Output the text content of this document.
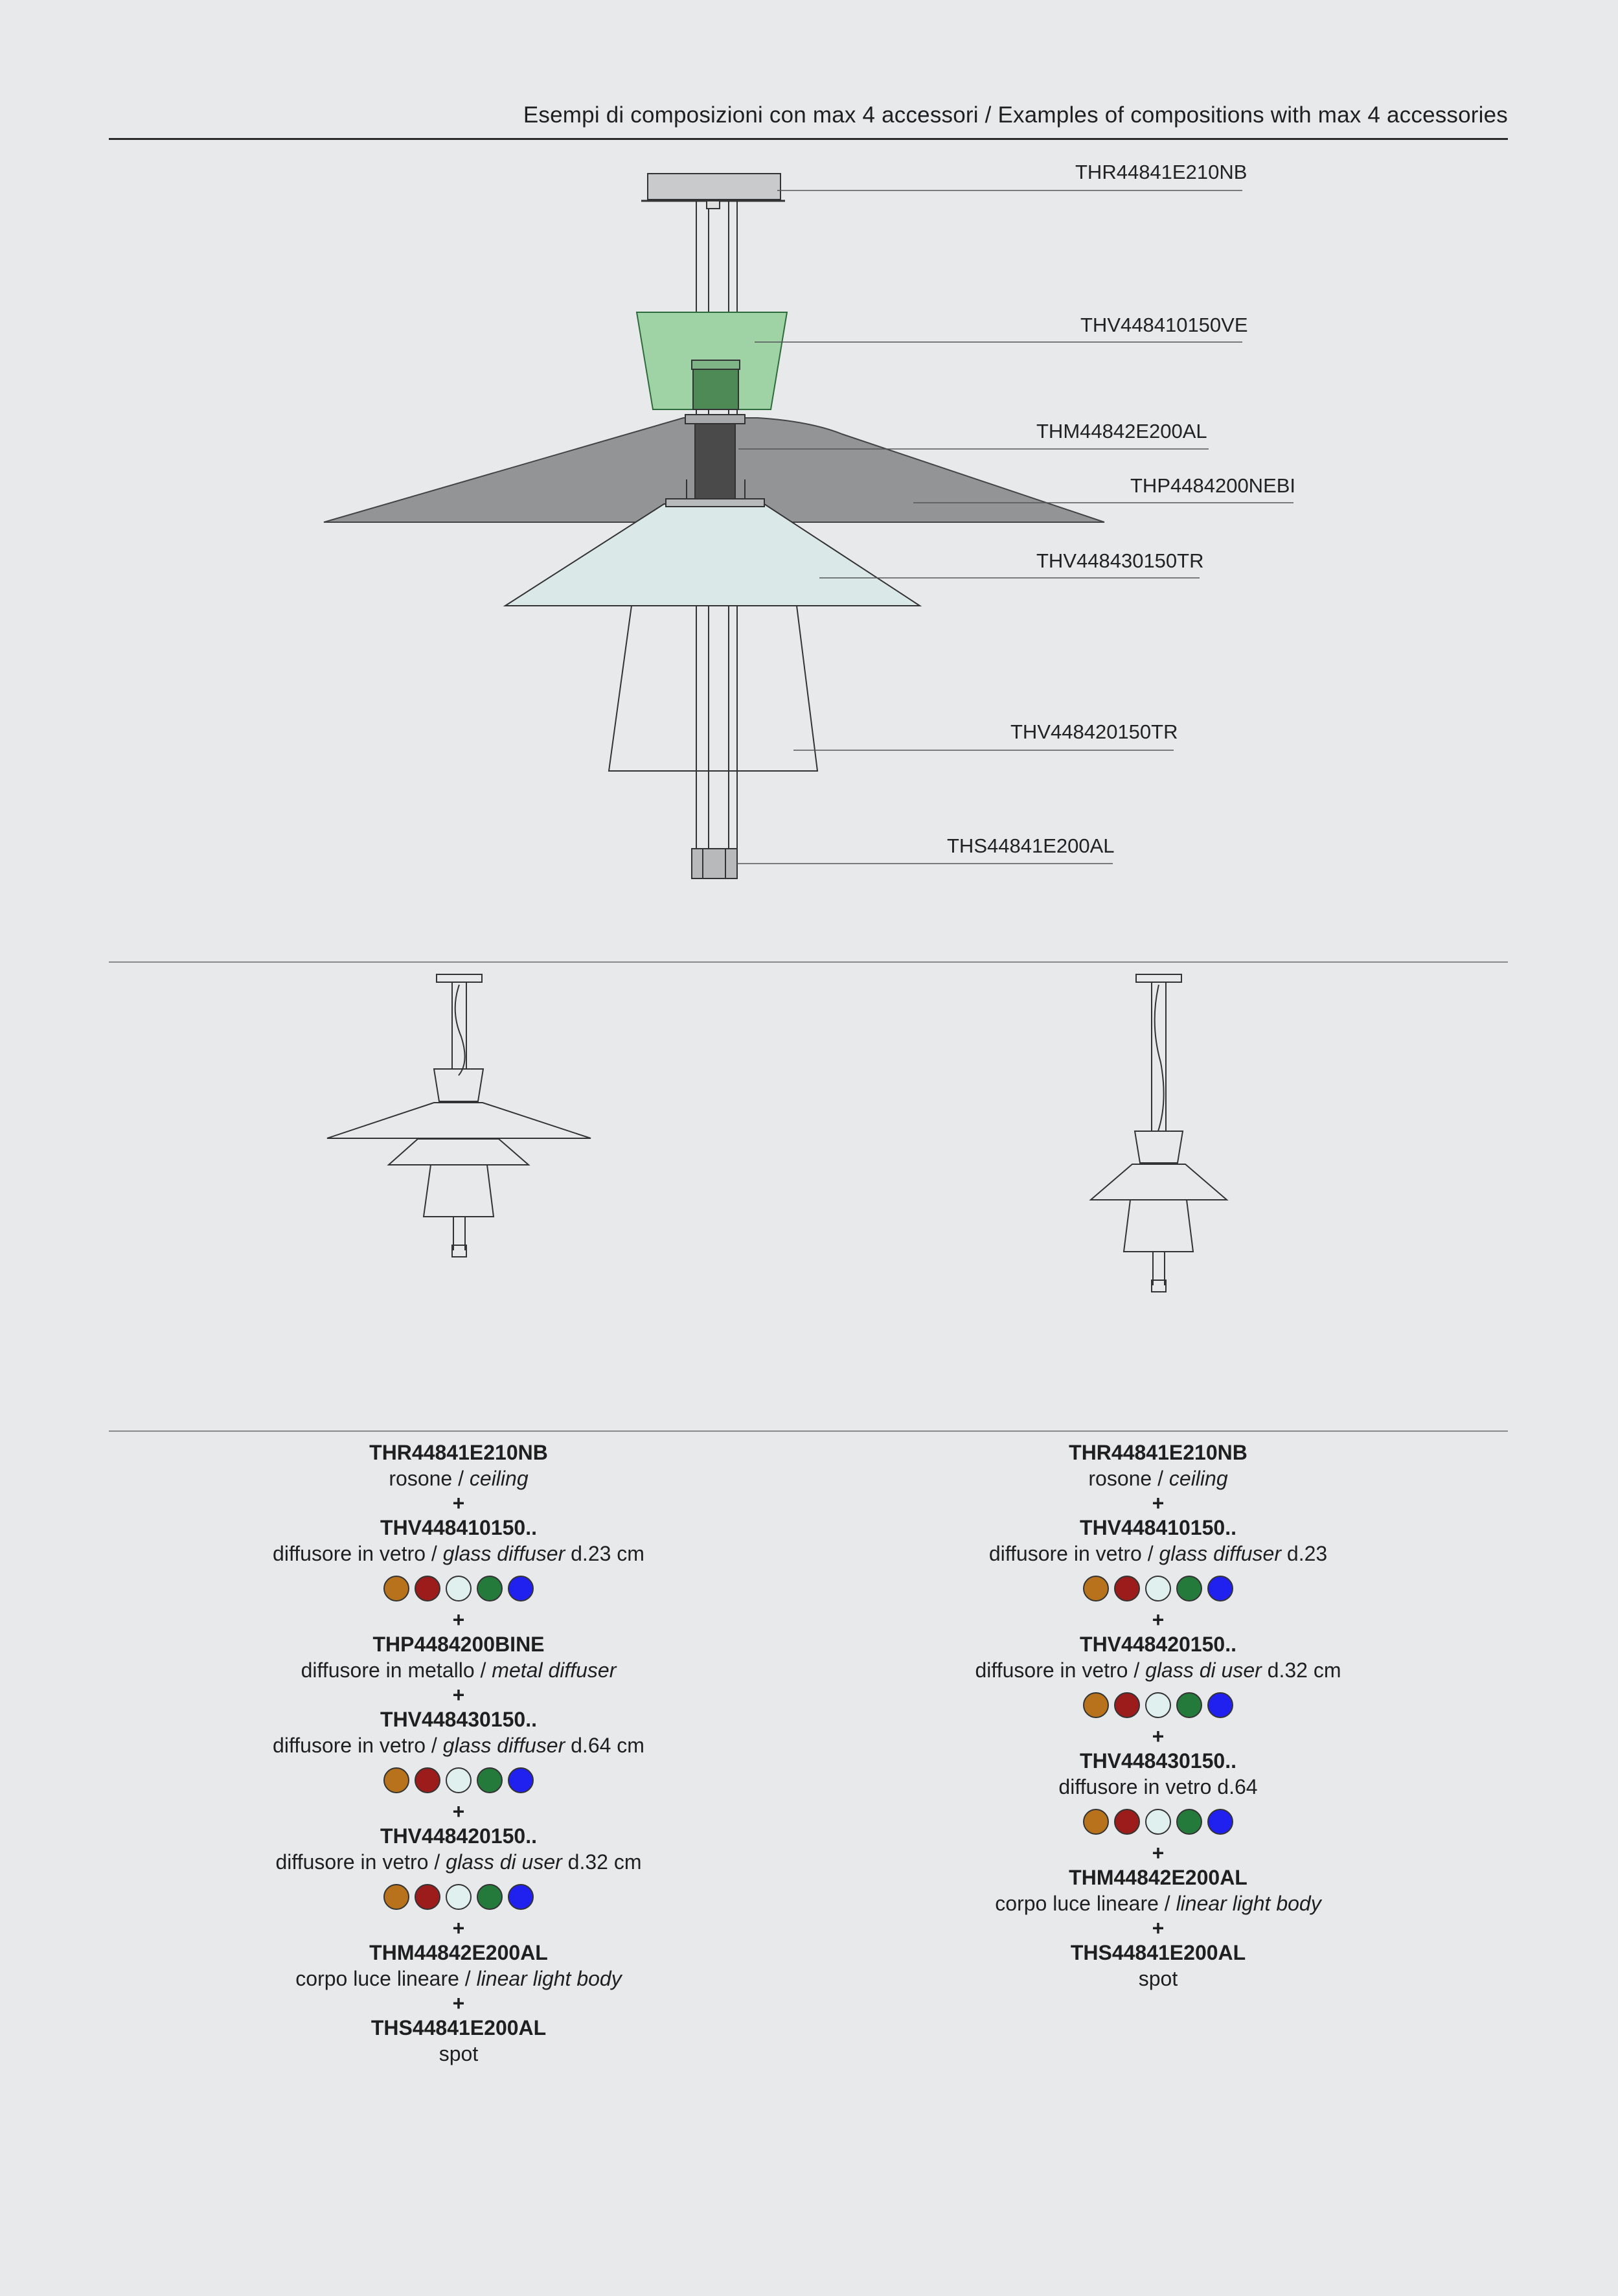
Esempi di composizioni con max 4 accessori / Examples of compositions with max 4 accessories
THR44841E210NB
THV448410150VE
THM44842E200AL
THP4484200NEBI
THV448430150TR
THV448420150TR
THS44841E200AL
THR44841E210NB
rosone / ceiling
+
THV448410150..
diffusore in vetro / glass diffuser d.23 cm
+
THP4484200BINE
diffusore in metallo / metal diffuser
+
THV448430150..
diffusore in vetro / glass diffuser d.64 cm
+
THV448420150..
diffusore in vetro / glass di user d.32 cm
+
THM44842E200AL
corpo luce lineare / linear light body
+
THS44841E200AL
spot
THR44841E210NB
rosone / ceiling
+
THV448410150..
diffusore in vetro / glass diffuser d.23
+
THV448420150..
diffusore in vetro / glass di user d.32 cm
+
THV448430150..
diffusore in vetro d.64
+
THM44842E200AL
corpo luce lineare / linear light body
+
THS44841E200AL
spot
